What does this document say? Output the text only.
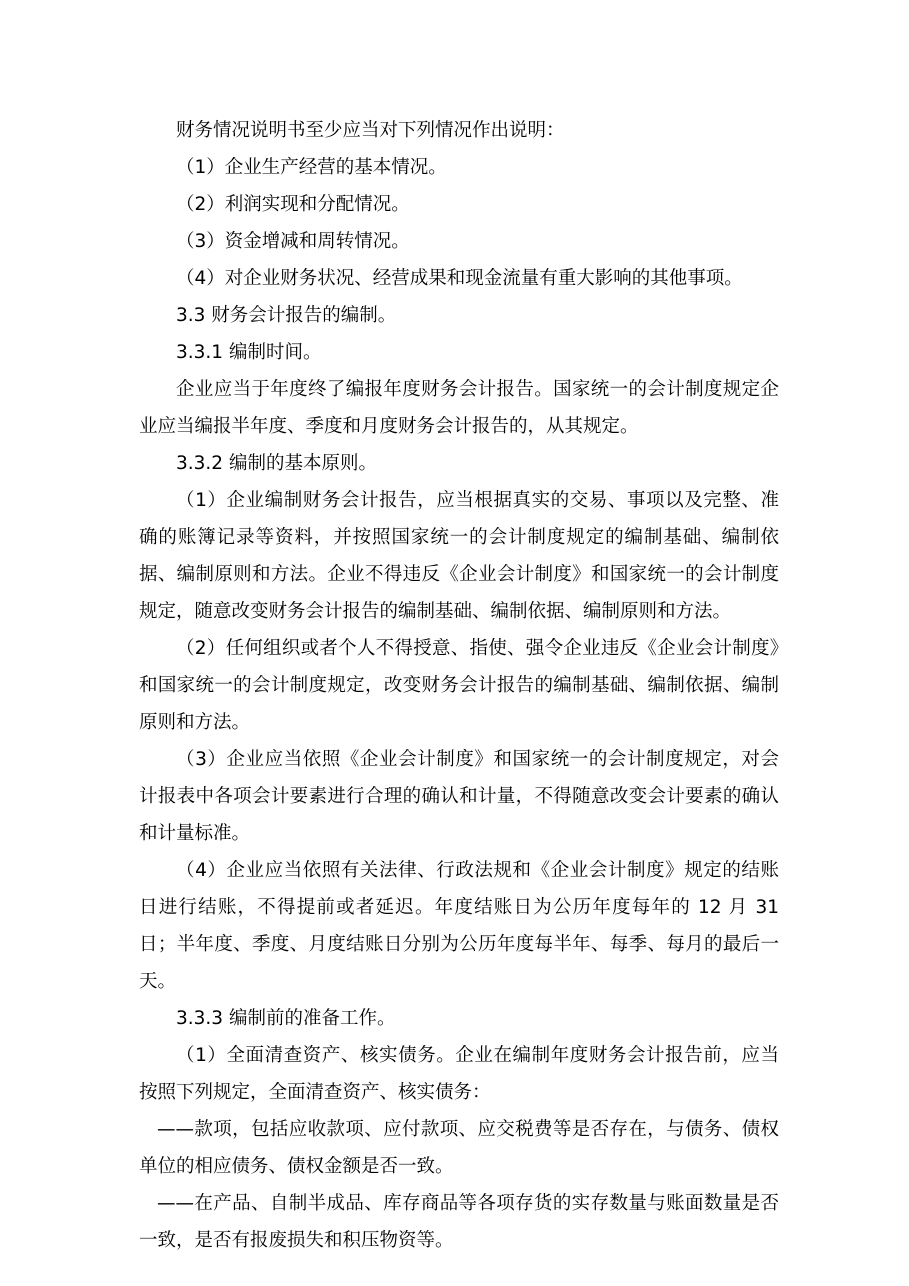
财务情况说明书至少应当对下列情况作出说明：

（1）企业生产经营的基本情况。

（2）利润实现和分配情况。

（3）资金增减和周转情况。

（4）对企业财务状况、经营成果和现金流量有重大影响的其他事项。

3.3 财务会计报告的编制。

3.3.1 编制时间。

企业应当于年度终了编报年度财务会计报告。国家统一的会计制度规定企业应当编报半年度、季度和月度财务会计报告的，从其规定。

3.3.2 编制的基本原则。

（1）企业编制财务会计报告，应当根据真实的交易、事项以及完整、准确的账簿记录等资料，并按照国家统一的会计制度规定的编制基础、编制依据、编制原则和方法。企业不得违反《企业会计制度》和国家统一的会计制度规定，随意改变财务会计报告的编制基础、编制依据、编制原则和方法。

（2）任何组织或者个人不得授意、指使、强令企业违反《企业会计制度》和国家统一的会计制度规定，改变财务会计报告的编制基础、编制依据、编制原则和方法。

（3）企业应当依照《企业会计制度》和国家统一的会计制度规定，对会计报表中各项会计要素进行合理的确认和计量，不得随意改变会计要素的确认和计量标准。

（4）企业应当依照有关法律、行政法规和《企业会计制度》规定的结账日进行结账，不得提前或者延迟。年度结账日为公历年度每年的 12 月 31 日；半年度、季度、月度结账日分别为公历年度每半年、每季、每月的最后一天。

3.3.3 编制前的准备工作。

（1）全面清查资产、核实债务。企业在编制年度财务会计报告前，应当按照下列规定，全面清查资产、核实债务：

——款项，包括应收款项、应付款项、应交税费等是否存在，与债务、债权单位的相应债务、债权金额是否一致。

——在产品、自制半成品、库存商品等各项存货的实存数量与账面数量是否一致，是否有报废损失和积压物资等。
